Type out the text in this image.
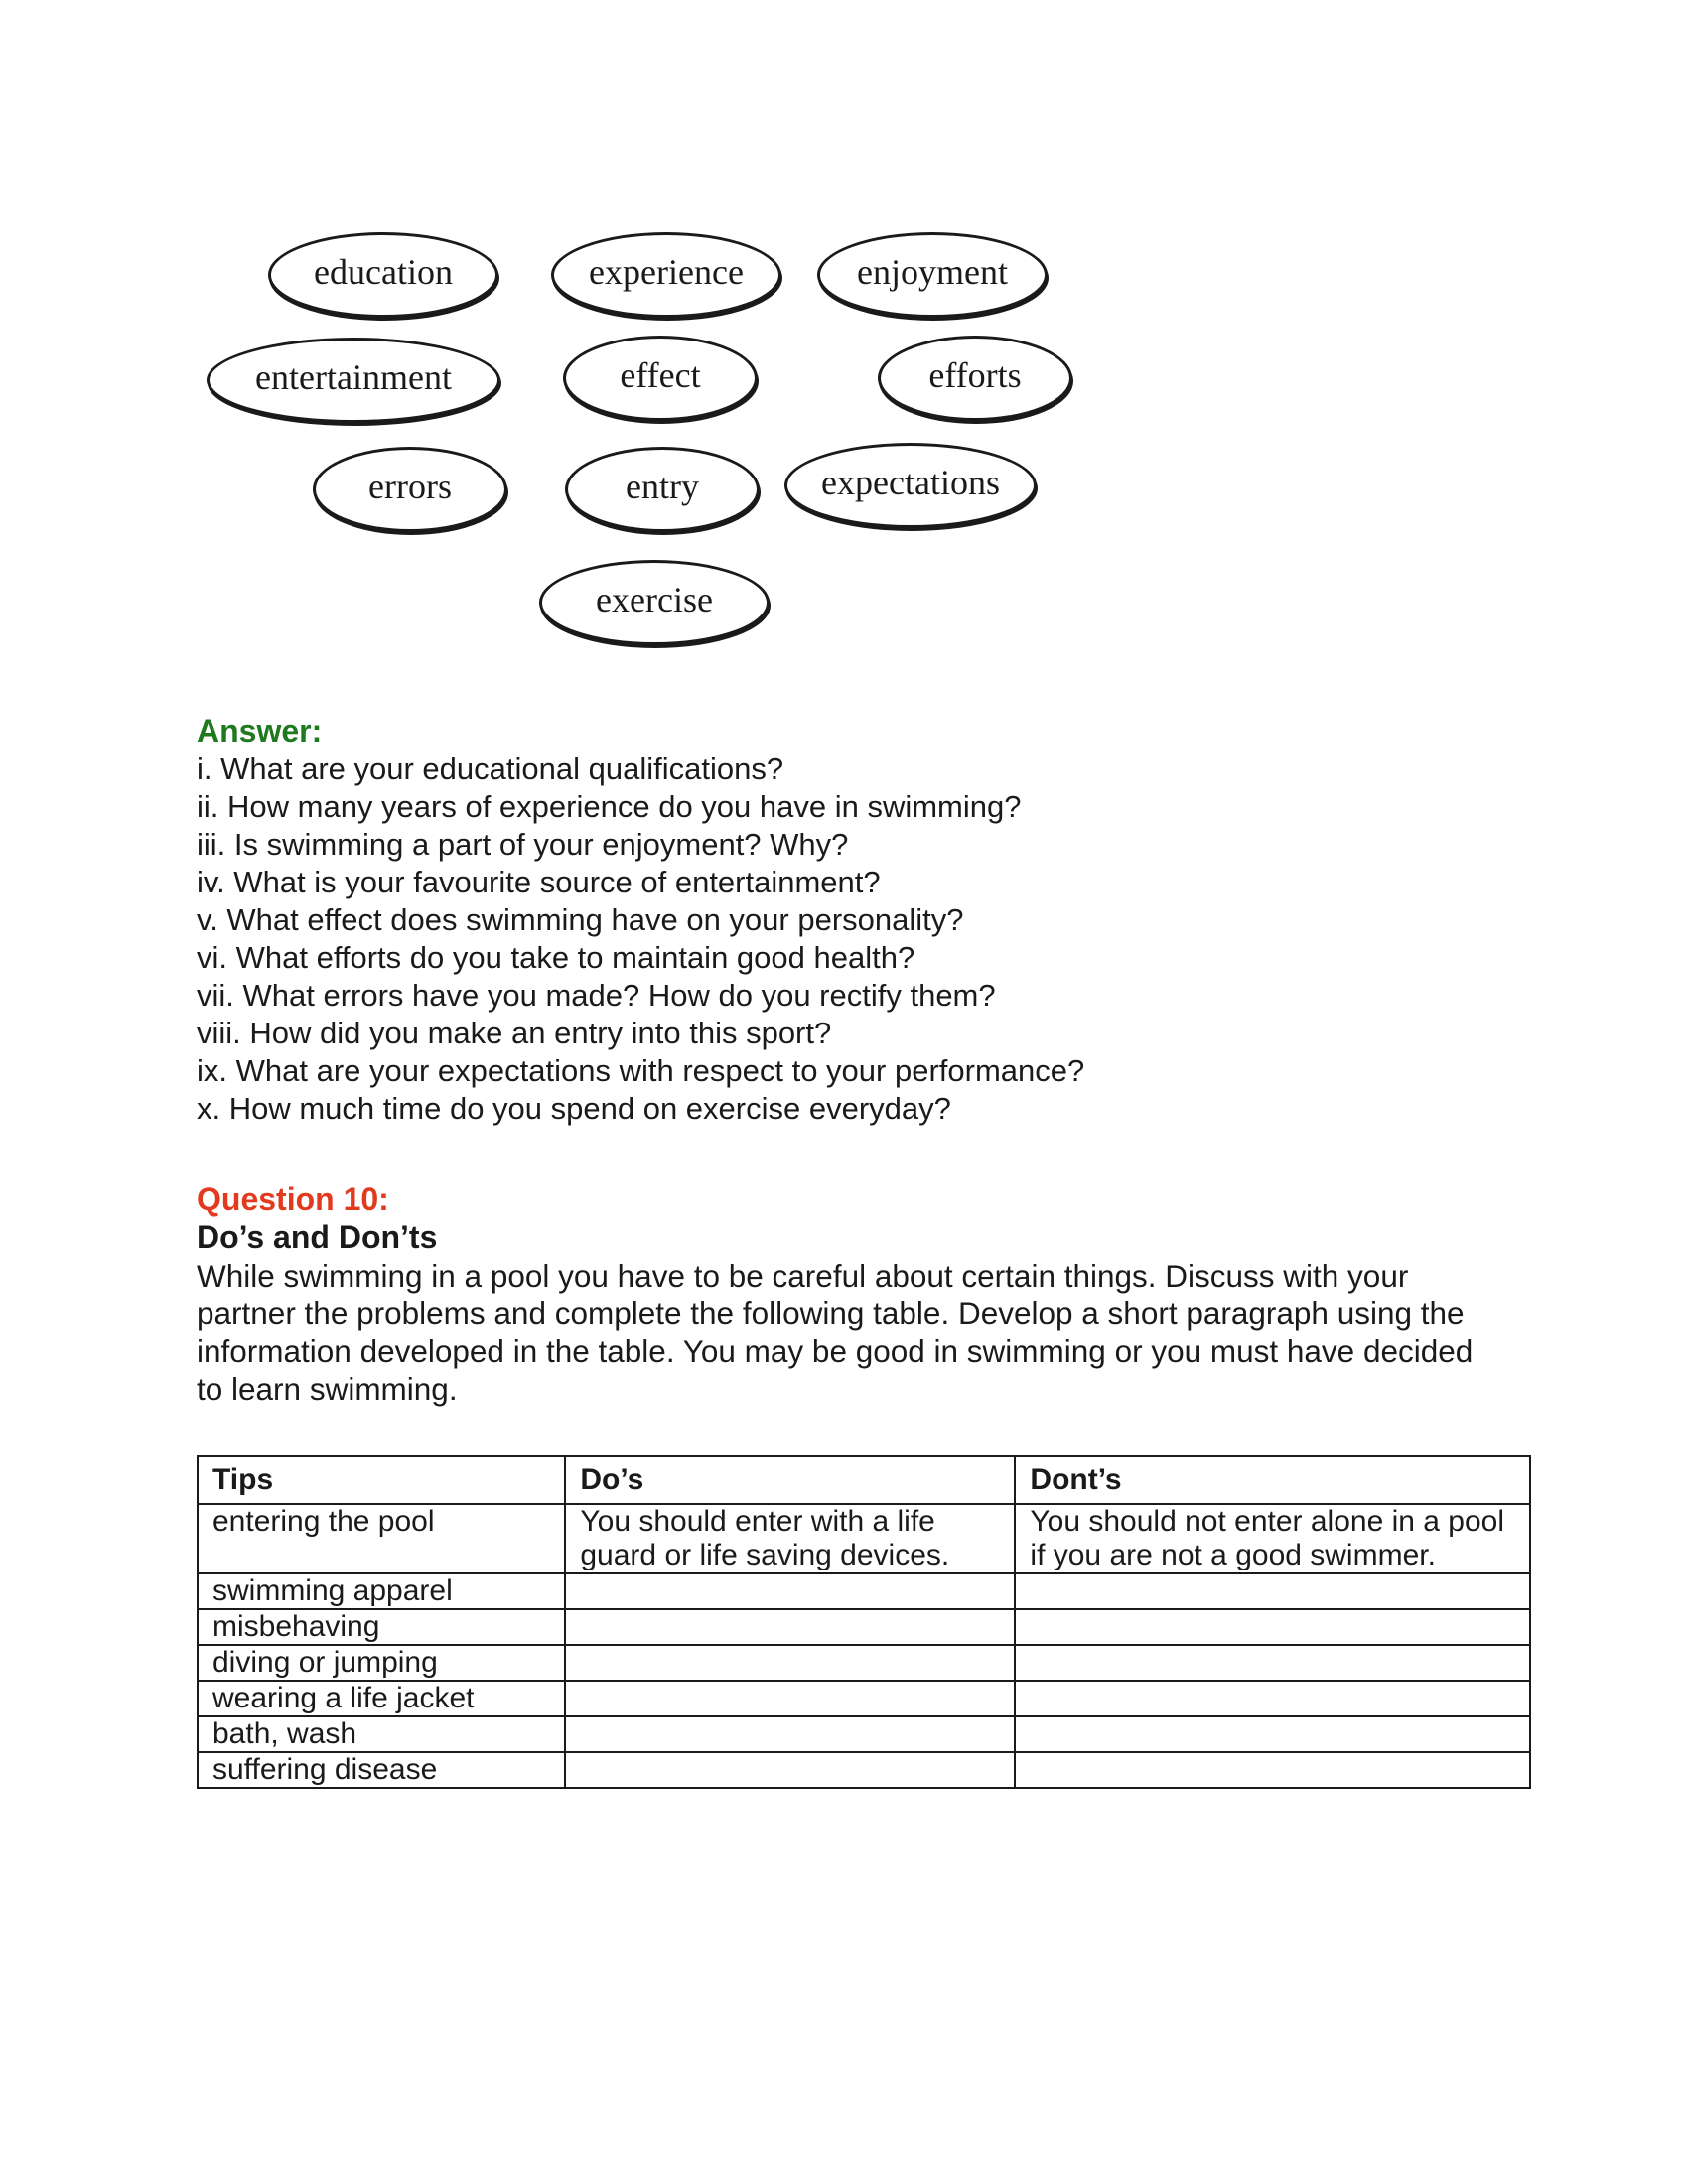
education	experience	enjoyment
entertainment	effect	efforts
errors	entry	expectations
exercise
Answer:
i. What are your educational qualifications?
ii. How many years of experience do you have in swimming?
iii. Is swimming a part of your enjoyment? Why?
iv. What is your favourite source of entertainment?
v. What effect does swimming have on your personality?
vi. What efforts do you take to maintain good health?
vii. What errors have you made? How do you rectify them?
viii. How did you make an entry into this sport?
ix. What are your expectations with respect to your performance?
x. How much time do you spend on exercise everyday?
Question 10:
Do’s and Don’ts

While swimming in a pool you have to be careful about certain things. Discuss with your partner the problems and complete the following table. Develop a short paragraph using the information developed in the table. You may be good in swimming or you must have decided to learn swimming.

Tips	Do’s	Dont’s
entering the pool	You should enter with a life guard or life saving devices.	You should not enter alone in a pool if you are not a good swimmer.
swimming apparel		
misbehaving		
diving or jumping		
wearing a life jacket		
bath, wash		
suffering disease		
